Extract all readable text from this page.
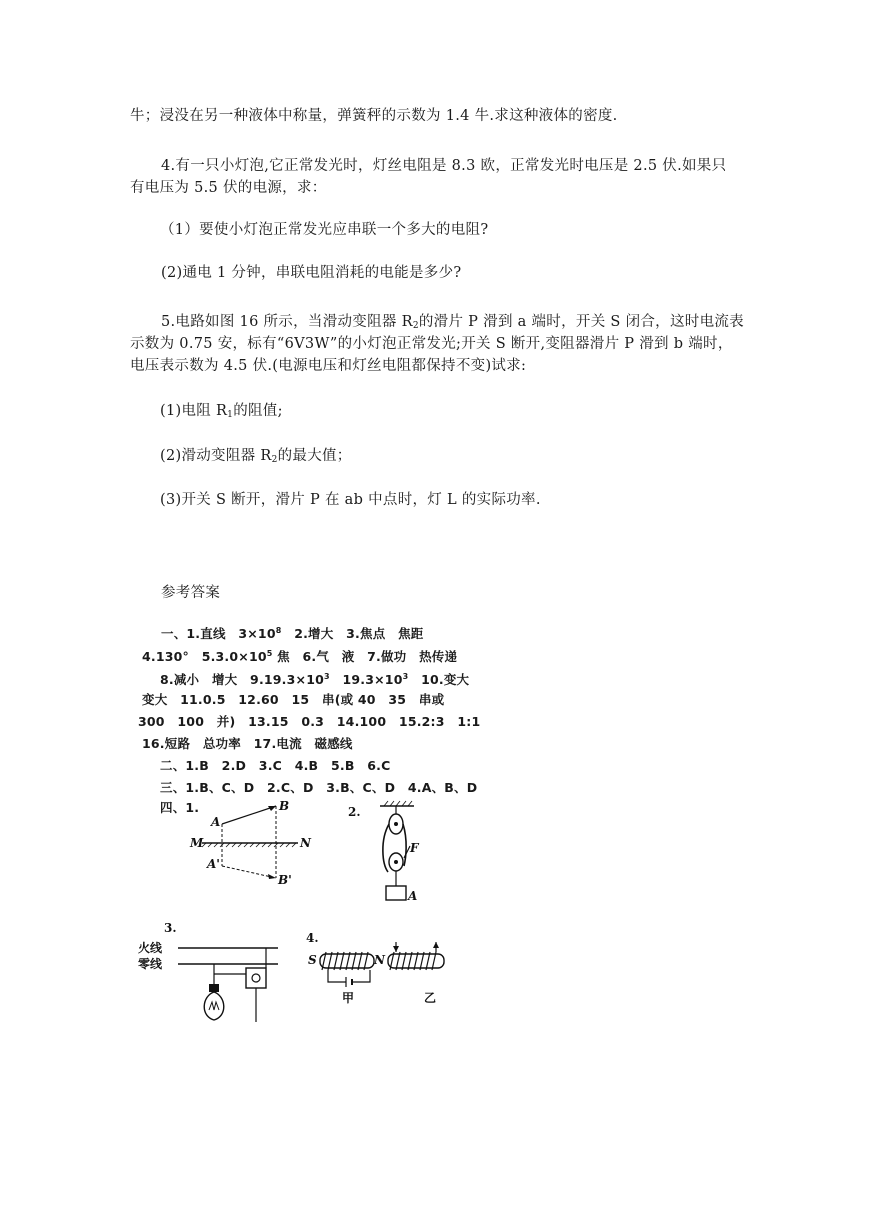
牛；浸没在另一种液体中称量，弹簧秤的示数为 1.4 牛.求这种液体的密度.
4.有一只小灯泡,它正常发光时，灯丝电阻是 8.3 欧，正常发光时电压是 2.5 伏.如果只
有电压为 5.5 伏的电源，求：
（1）要使小灯泡正常发光应串联一个多大的电阻?
(2)通电 1 分钟，串联电阻消耗的电能是多少?
5.电路如图 16 所示，当滑动变阻器 $R_2$的滑片 P 滑到 a 端时，开关 S 闭合，这时电流表
示数为 0.75 安，标有“6V3W”的小灯泡正常发光;开关 S 断开,变阻器滑片 P 滑到 b 端时，
电压表示数为 4.5 伏.(电源电压和灯丝电阻都保持不变)试求:
(1)电阻 $R_1$的阻值;
(2)滑动变阻器 $R_2$的最大值；
(3)开关 S 断开，滑片 P 在 ab 中点时，灯 L 的实际功率.
参考答案
一、1.直线　$3\times 10^8$　2.增大　3.焦点　焦距
4.130°　$5.3.0\times 10^5$ 焦　6.气　液　7.做功　热传递
8.减小　增大　$9.19.3\times 10^3$　$19.3\times 10^3$　10.变大
变大　11.0.5　12.60　15　串(或 40　35　串或
300　100　并)　13.15　0.3　14.100　15.2:3　1:1
16.短路　总功率　17.电流　磁感线
二、1.B　2.D　3.C　4.B　5.B　6.C
三、1.B、C、D　2.C、D　3.B、C、D　4.A、B、D
四、1.
A
B
M	N
A'
B'
2.
F
A
3.
火线
零线
4.
S	N
甲	乙
